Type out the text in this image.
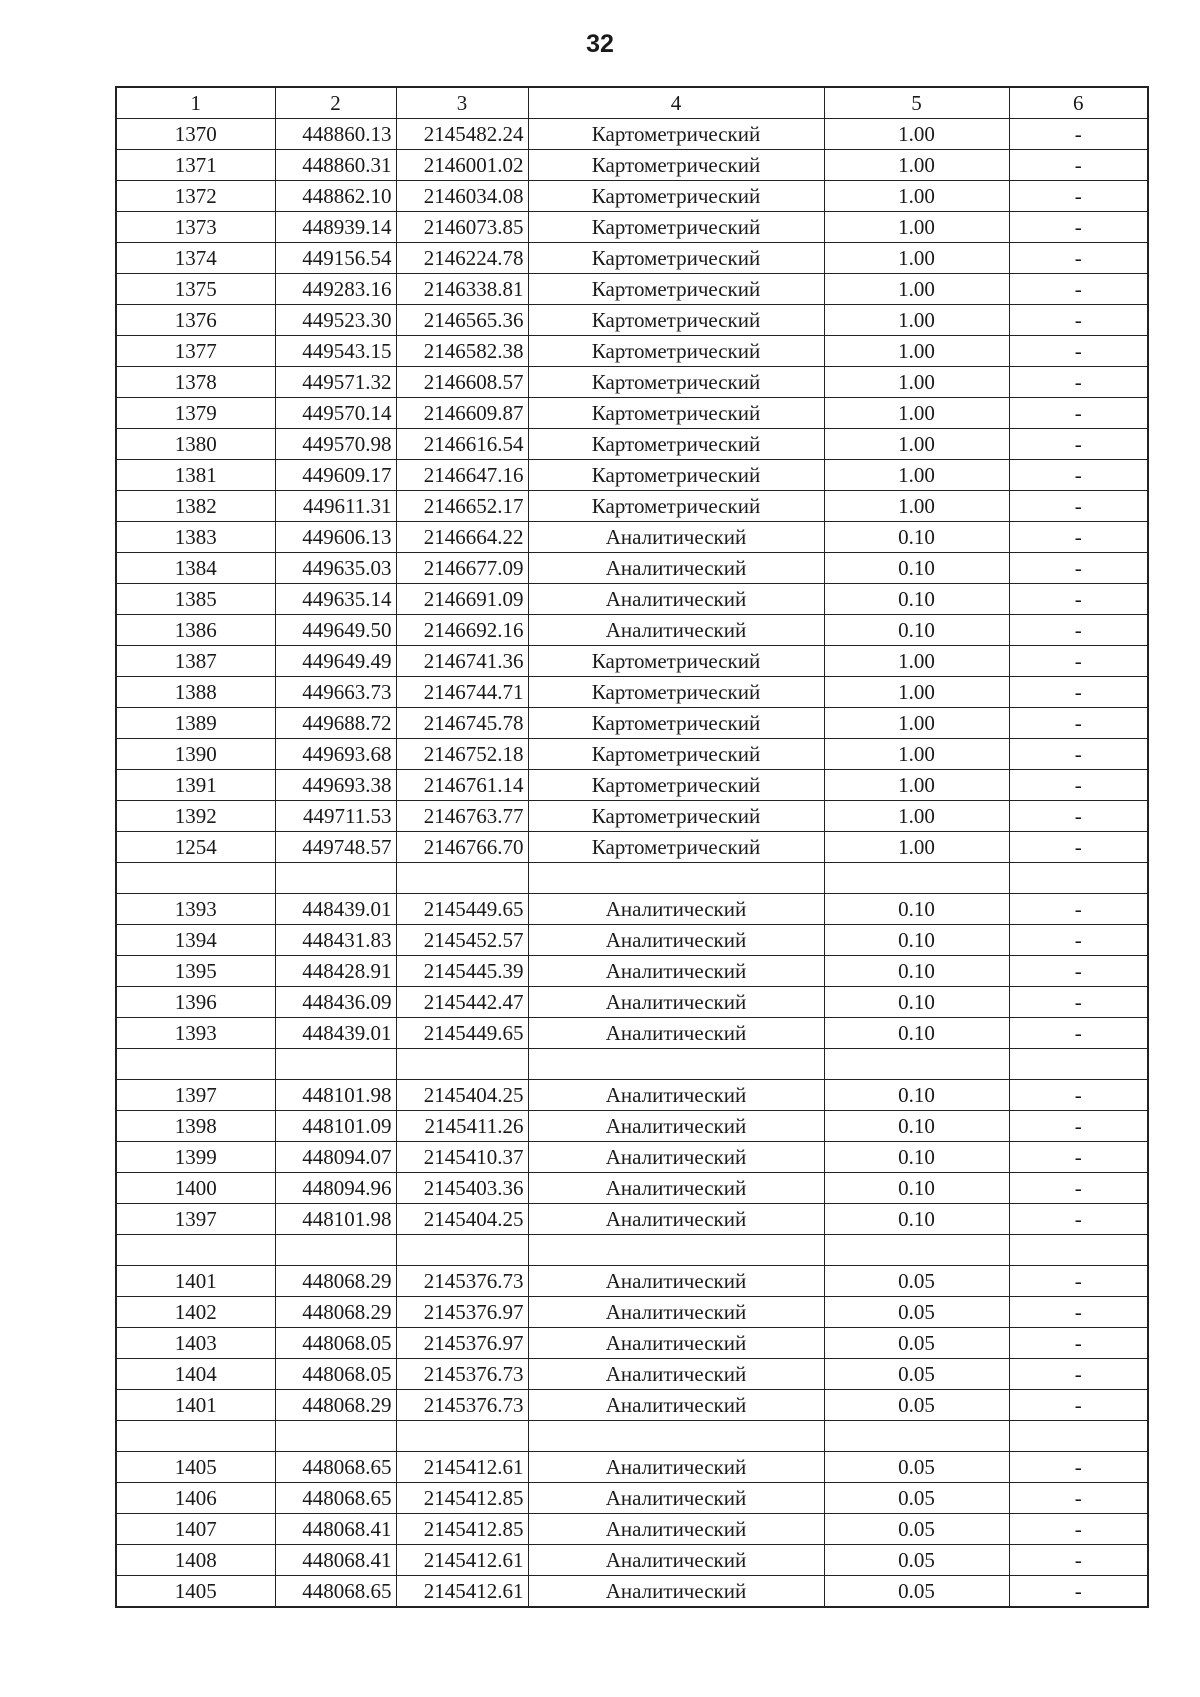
32
1	2	3	4	5	6
1370	448860.13	2145482.24	Картометрический	1.00	-
1371	448860.31	2146001.02	Картометрический	1.00	-
1372	448862.10	2146034.08	Картометрический	1.00	-
1373	448939.14	2146073.85	Картометрический	1.00	-
1374	449156.54	2146224.78	Картометрический	1.00	-
1375	449283.16	2146338.81	Картометрический	1.00	-
1376	449523.30	2146565.36	Картометрический	1.00	-
1377	449543.15	2146582.38	Картометрический	1.00	-
1378	449571.32	2146608.57	Картометрический	1.00	-
1379	449570.14	2146609.87	Картометрический	1.00	-
1380	449570.98	2146616.54	Картометрический	1.00	-
1381	449609.17	2146647.16	Картометрический	1.00	-
1382	449611.31	2146652.17	Картометрический	1.00	-
1383	449606.13	2146664.22	Аналитический	0.10	-
1384	449635.03	2146677.09	Аналитический	0.10	-
1385	449635.14	2146691.09	Аналитический	0.10	-
1386	449649.50	2146692.16	Аналитический	0.10	-
1387	449649.49	2146741.36	Картометрический	1.00	-
1388	449663.73	2146744.71	Картометрический	1.00	-
1389	449688.72	2146745.78	Картометрический	1.00	-
1390	449693.68	2146752.18	Картометрический	1.00	-
1391	449693.38	2146761.14	Картометрический	1.00	-
1392	449711.53	2146763.77	Картометрический	1.00	-
1254	449748.57	2146766.70	Картометрический	1.00	-

1393	448439.01	2145449.65	Аналитический	0.10	-
1394	448431.83	2145452.57	Аналитический	0.10	-
1395	448428.91	2145445.39	Аналитический	0.10	-
1396	448436.09	2145442.47	Аналитический	0.10	-
1393	448439.01	2145449.65	Аналитический	0.10	-

1397	448101.98	2145404.25	Аналитический	0.10	-
1398	448101.09	2145411.26	Аналитический	0.10	-
1399	448094.07	2145410.37	Аналитический	0.10	-
1400	448094.96	2145403.36	Аналитический	0.10	-
1397	448101.98	2145404.25	Аналитический	0.10	-

1401	448068.29	2145376.73	Аналитический	0.05	-
1402	448068.29	2145376.97	Аналитический	0.05	-
1403	448068.05	2145376.97	Аналитический	0.05	-
1404	448068.05	2145376.73	Аналитический	0.05	-
1401	448068.29	2145376.73	Аналитический	0.05	-

1405	448068.65	2145412.61	Аналитический	0.05	-
1406	448068.65	2145412.85	Аналитический	0.05	-
1407	448068.41	2145412.85	Аналитический	0.05	-
1408	448068.41	2145412.61	Аналитический	0.05	-
1405	448068.65	2145412.61	Аналитический	0.05	-
